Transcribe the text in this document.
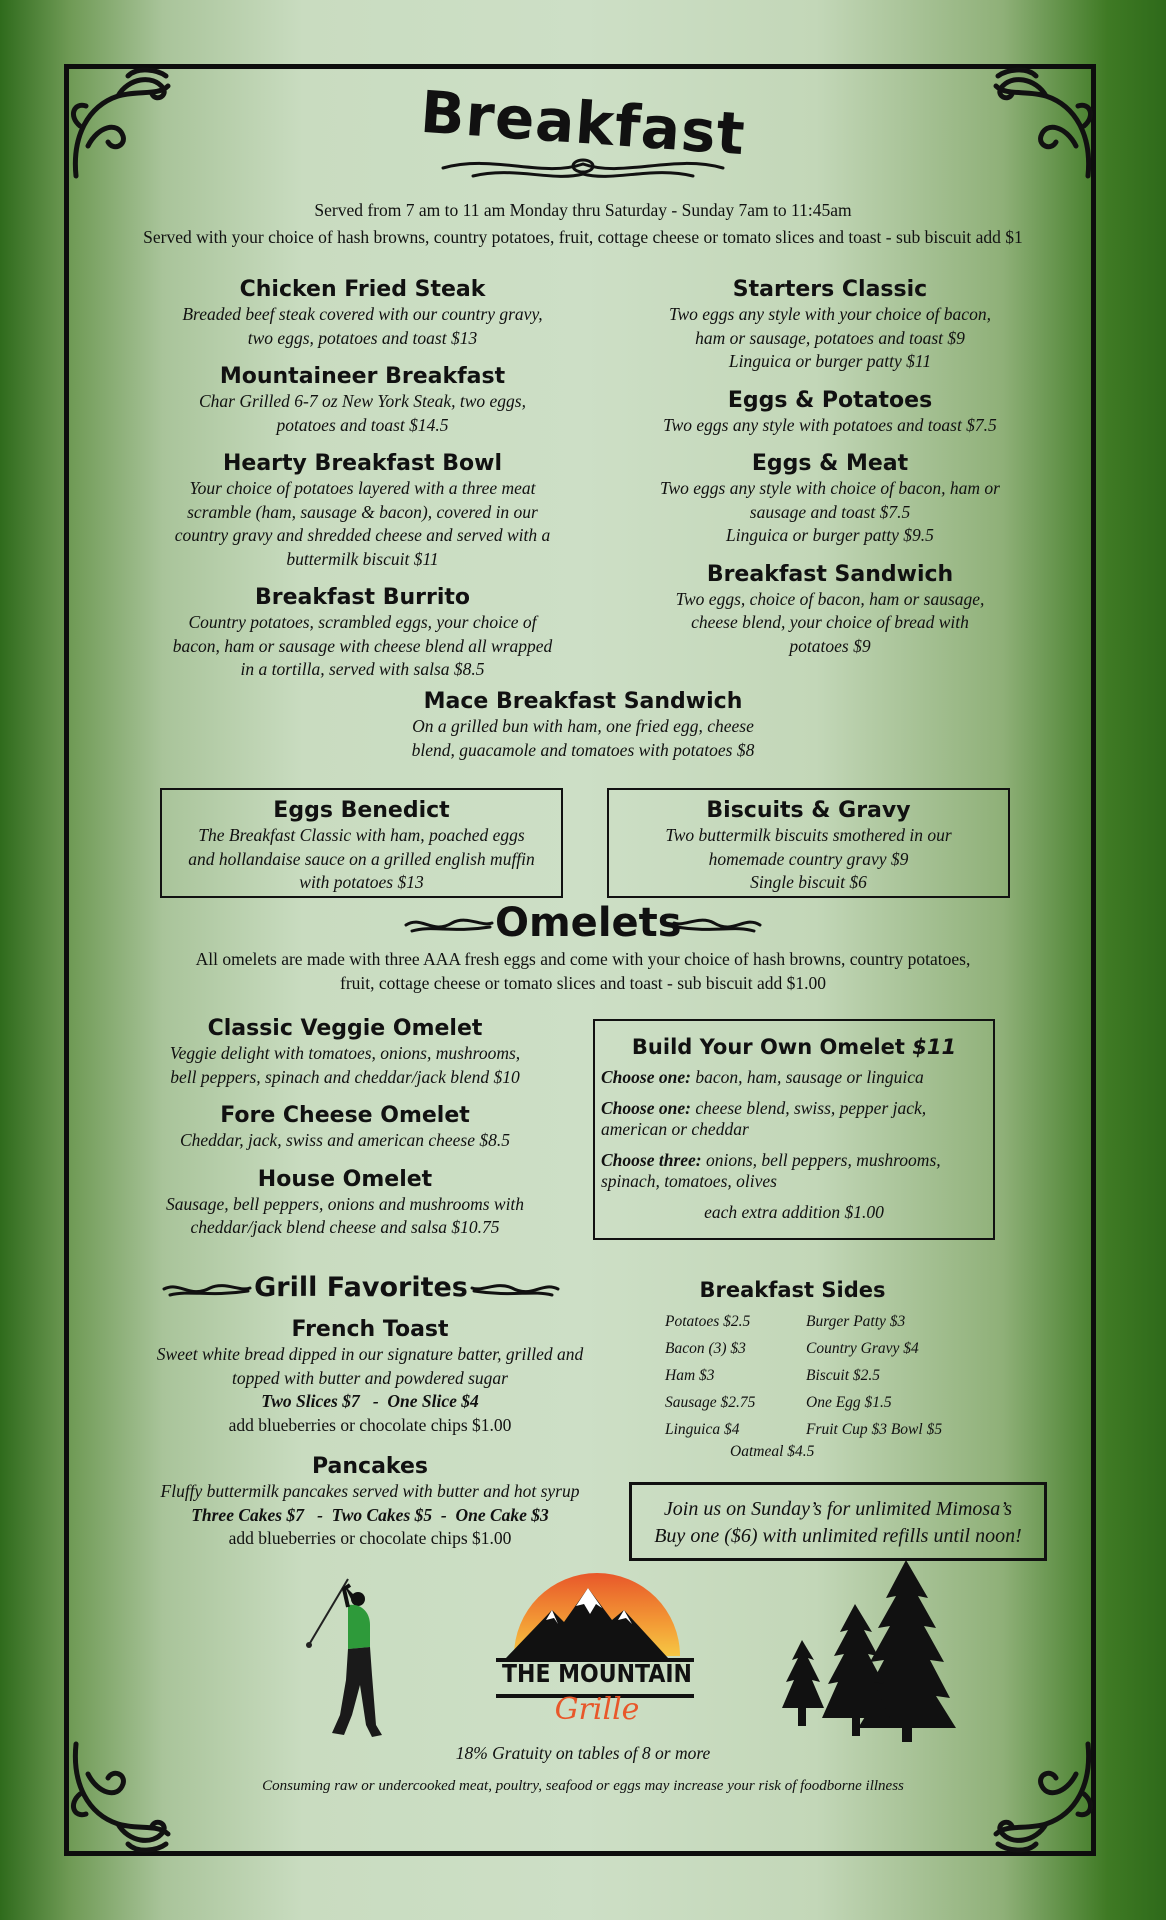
Breakfast
Served from 7 am to 11 am Monday thru Saturday - Sunday 7am to 11:45am
Served with your choice of hash browns, country potatoes, fruit, cottage cheese or tomato slices and toast - sub biscuit add $1
Chicken Fried Steak
Breaded beef steak covered with our country gravy,
two eggs, potatoes and toast $13
Mountaineer Breakfast
Char Grilled 6-7 oz New York Steak, two eggs,
potatoes and toast $14.5
Hearty Breakfast Bowl
Your choice of potatoes layered with a three meat
scramble (ham, sausage & bacon), covered in our
country gravy and shredded cheese and served with a
buttermilk biscuit $11
Breakfast Burrito
Country potatoes, scrambled eggs, your choice of
bacon, ham or sausage with cheese blend all wrapped
in a tortilla, served with salsa $8.5
Starters Classic
Two eggs any style with your choice of bacon,
ham or sausage, potatoes and toast $9
Linguica or burger patty $11
Eggs & Potatoes
Two eggs any style with potatoes and toast $7.5
Eggs & Meat
Two eggs any style with choice of bacon, ham or
sausage and toast $7.5
Linguica or burger patty $9.5
Breakfast Sandwich
Two eggs, choice of bacon, ham or sausage,
cheese blend, your choice of bread with
potatoes $9
Mace Breakfast Sandwich
On a grilled bun with ham, one fried egg, cheese
blend, guacamole and tomatoes with potatoes $8
Eggs Benedict
The Breakfast Classic with ham, poached eggs
and hollandaise sauce on a grilled english muffin
with potatoes $13
Biscuits & Gravy
Two buttermilk biscuits smothered in our
homemade country gravy $9
Single biscuit $6
Omelets
All omelets are made with three AAA fresh eggs and come with your choice of hash browns, country potatoes,
fruit, cottage cheese or tomato slices and toast - sub biscuit add $1.00
Classic Veggie Omelet
Veggie delight with tomatoes, onions, mushrooms,
bell peppers, spinach and cheddar/jack blend $10
Fore Cheese Omelet
Cheddar, jack, swiss and american cheese $8.5
House Omelet
Sausage, bell peppers, onions and mushrooms with
cheddar/jack blend cheese and salsa $10.75
Build Your Own Omelet $11
Choose one: bacon, ham, sausage or linguica
Choose one: cheese blend, swiss, pepper jack,
american or cheddar
Choose three: onions, bell peppers, mushrooms,
spinach, tomatoes, olives
each extra addition $1.00
Grill Favorites
French Toast
Sweet white bread dipped in our signature batter, grilled and
topped with butter and powdered sugar
Two Slices $7   -  One Slice $4
add blueberries or chocolate chips $1.00
Pancakes
Fluffy buttermilk pancakes served with butter and hot syrup
Three Cakes $7   -  Two Cakes $5  -  One Cake $3
add blueberries or chocolate chips $1.00
Breakfast Sides
Potatoes $2.5
Bacon (3) $3
Ham $3
Sausage $2.75
Linguica $4
Burger Patty $3
Country Gravy $4
Biscuit $2.5
One Egg $1.5
Fruit Cup $3 Bowl $5
Oatmeal $4.5
Join us on Sunday’s for unlimited Mimosa’s
Buy one ($6) with unlimited refills until noon!
THE MOUNTAIN
Grille
18% Gratuity on tables of 8 or more
Consuming raw or undercooked meat, poultry, seafood or eggs may increase your risk of foodborne illness
